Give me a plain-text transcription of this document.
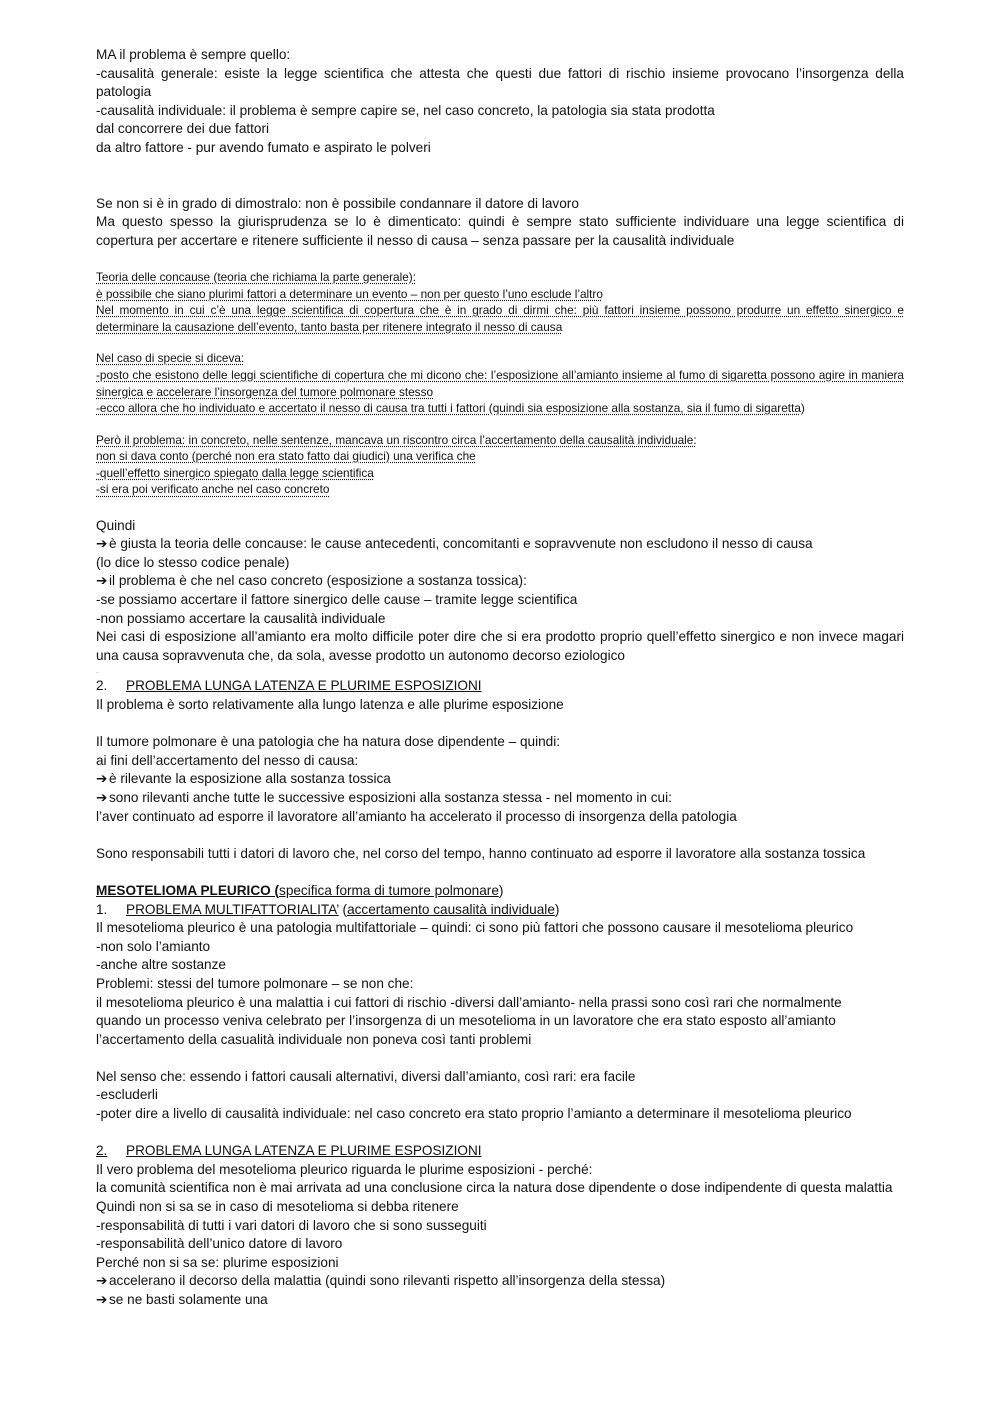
MA il problema è sempre quello:

-causalità generale: esiste la legge scientifica che attesta che questi due fattori di rischio insieme provocano l’insorgenza della patologia

-causalità individuale: il problema è sempre capire se, nel caso concreto, la patologia sia stata prodotta

dal concorrere dei due fattori

da altro fattore - pur avendo fumato e aspirato le polveri

Se non si è in grado di dimostralo: non è possibile condannare il datore di lavoro

Ma questo spesso la giurisprudenza se lo è dimenticato: quindi è sempre stato sufficiente individuare una legge scientifica di copertura per accertare e ritenere sufficiente il nesso di causa – senza passare per la causalità individuale

Teoria delle concause (teoria che richiama la parte generale):

è possibile che siano plurimi fattori a determinare un evento – non per questo l’uno esclude l’altro

Nel momento in cui c’è una legge scientifica di copertura che è in grado di dirmi che: più fattori insieme possono produrre un effetto sinergico e determinare la causazione dell’evento, tanto basta per ritenere integrato il nesso di causa

Nel caso di specie si diceva:

-posto che esistono delle leggi scientifiche di copertura che mi dicono che: l’esposizione all’amianto insieme al fumo di sigaretta possono agire in maniera sinergica e accelerare l’insorgenza del tumore polmonare stesso

-ecco allora che ho individuato e accertato il nesso di causa tra tutti i fattori (quindi sia esposizione alla sostanza, sia il fumo di sigaretta)

Però il problema: in concreto, nelle sentenze, mancava un riscontro circa l’accertamento della causalità individuale:

non si dava conto (perché non era stato fatto dai giudici) una verifica che

-quell’effetto sinergico spiegato dalla legge scientifica

-si era poi verificato anche nel caso concreto

Quindi

➔ è giusta la teoria delle concause: le cause antecedenti, concomitanti e sopravvenute non escludono il nesso di causa

(lo dice lo stesso codice penale)

➔ il problema è che nel caso concreto (esposizione a sostanza tossica):

-se possiamo accertare il fattore sinergico delle cause – tramite legge scientifica

-non possiamo accertare la causalità individuale

Nei casi di esposizione all’amianto era molto difficile poter dire che si era prodotto proprio quell’effetto sinergico e non invece magari una causa sopravvenuta che, da sola, avesse prodotto un autonomo decorso eziologico

.

2. PROBLEMA LUNGA LATENZA E PLURIME ESPOSIZIONI

Il problema è sorto relativamente alla lungo latenza e alle plurime esposizione

Il tumore polmonare è una patologia che ha natura dose dipendente – quindi:

ai fini dell’accertamento del nesso di causa:

➔ è rilevante la esposizione alla sostanza tossica

➔ sono rilevanti anche tutte le successive esposizioni alla sostanza stessa - nel momento in cui:

l’aver continuato ad esporre il lavoratore all’amianto ha accelerato il processo di insorgenza della patologia

Sono responsabili tutti i datori di lavoro che, nel corso del tempo, hanno continuato ad esporre il lavoratore alla sostanza tossica

MESOTELIOMA PLEURICO (specifica forma di tumore polmonare)

1. PROBLEMA MULTIFATTORIALITA’ (accertamento causalità individuale)

Il mesotelioma pleurico è una patologia multifattoriale – quindi: ci sono più fattori che possono causare il mesotelioma pleurico

-non solo l’amianto

-anche altre sostanze

Problemi: stessi del tumore polmonare – se non che:

il mesotelioma pleurico è una malattia i cui fattori di rischio -diversi dall’amianto- nella prassi sono così rari che normalmente

quando un processo veniva celebrato per l’insorgenza di un mesotelioma in un lavoratore che era stato esposto all’amianto

l’accertamento della casualità individuale non poneva così tanti problemi

Nel senso che: essendo i fattori causali alternativi, diversi dall’amianto, così rari: era facile

-escluderli

-poter dire a livello di causalità individuale: nel caso concreto era stato proprio l’amianto a determinare il mesotelioma pleurico

2. PROBLEMA LUNGA LATENZA E PLURIME ESPOSIZIONI

Il vero problema del mesotelioma pleurico riguarda le plurime esposizioni - perché:

la comunità scientifica non è mai arrivata ad una conclusione circa la natura dose dipendente o dose indipendente di questa malattia

Quindi non si sa se in caso di mesotelioma si debba ritenere

-responsabilità di tutti i vari datori di lavoro che si sono susseguiti

-responsabilità dell’unico datore di lavoro

Perché non si sa se: plurime esposizioni

➔ accelerano il decorso della malattia (quindi sono rilevanti rispetto all’insorgenza della stessa)

➔ se ne basti solamente una
